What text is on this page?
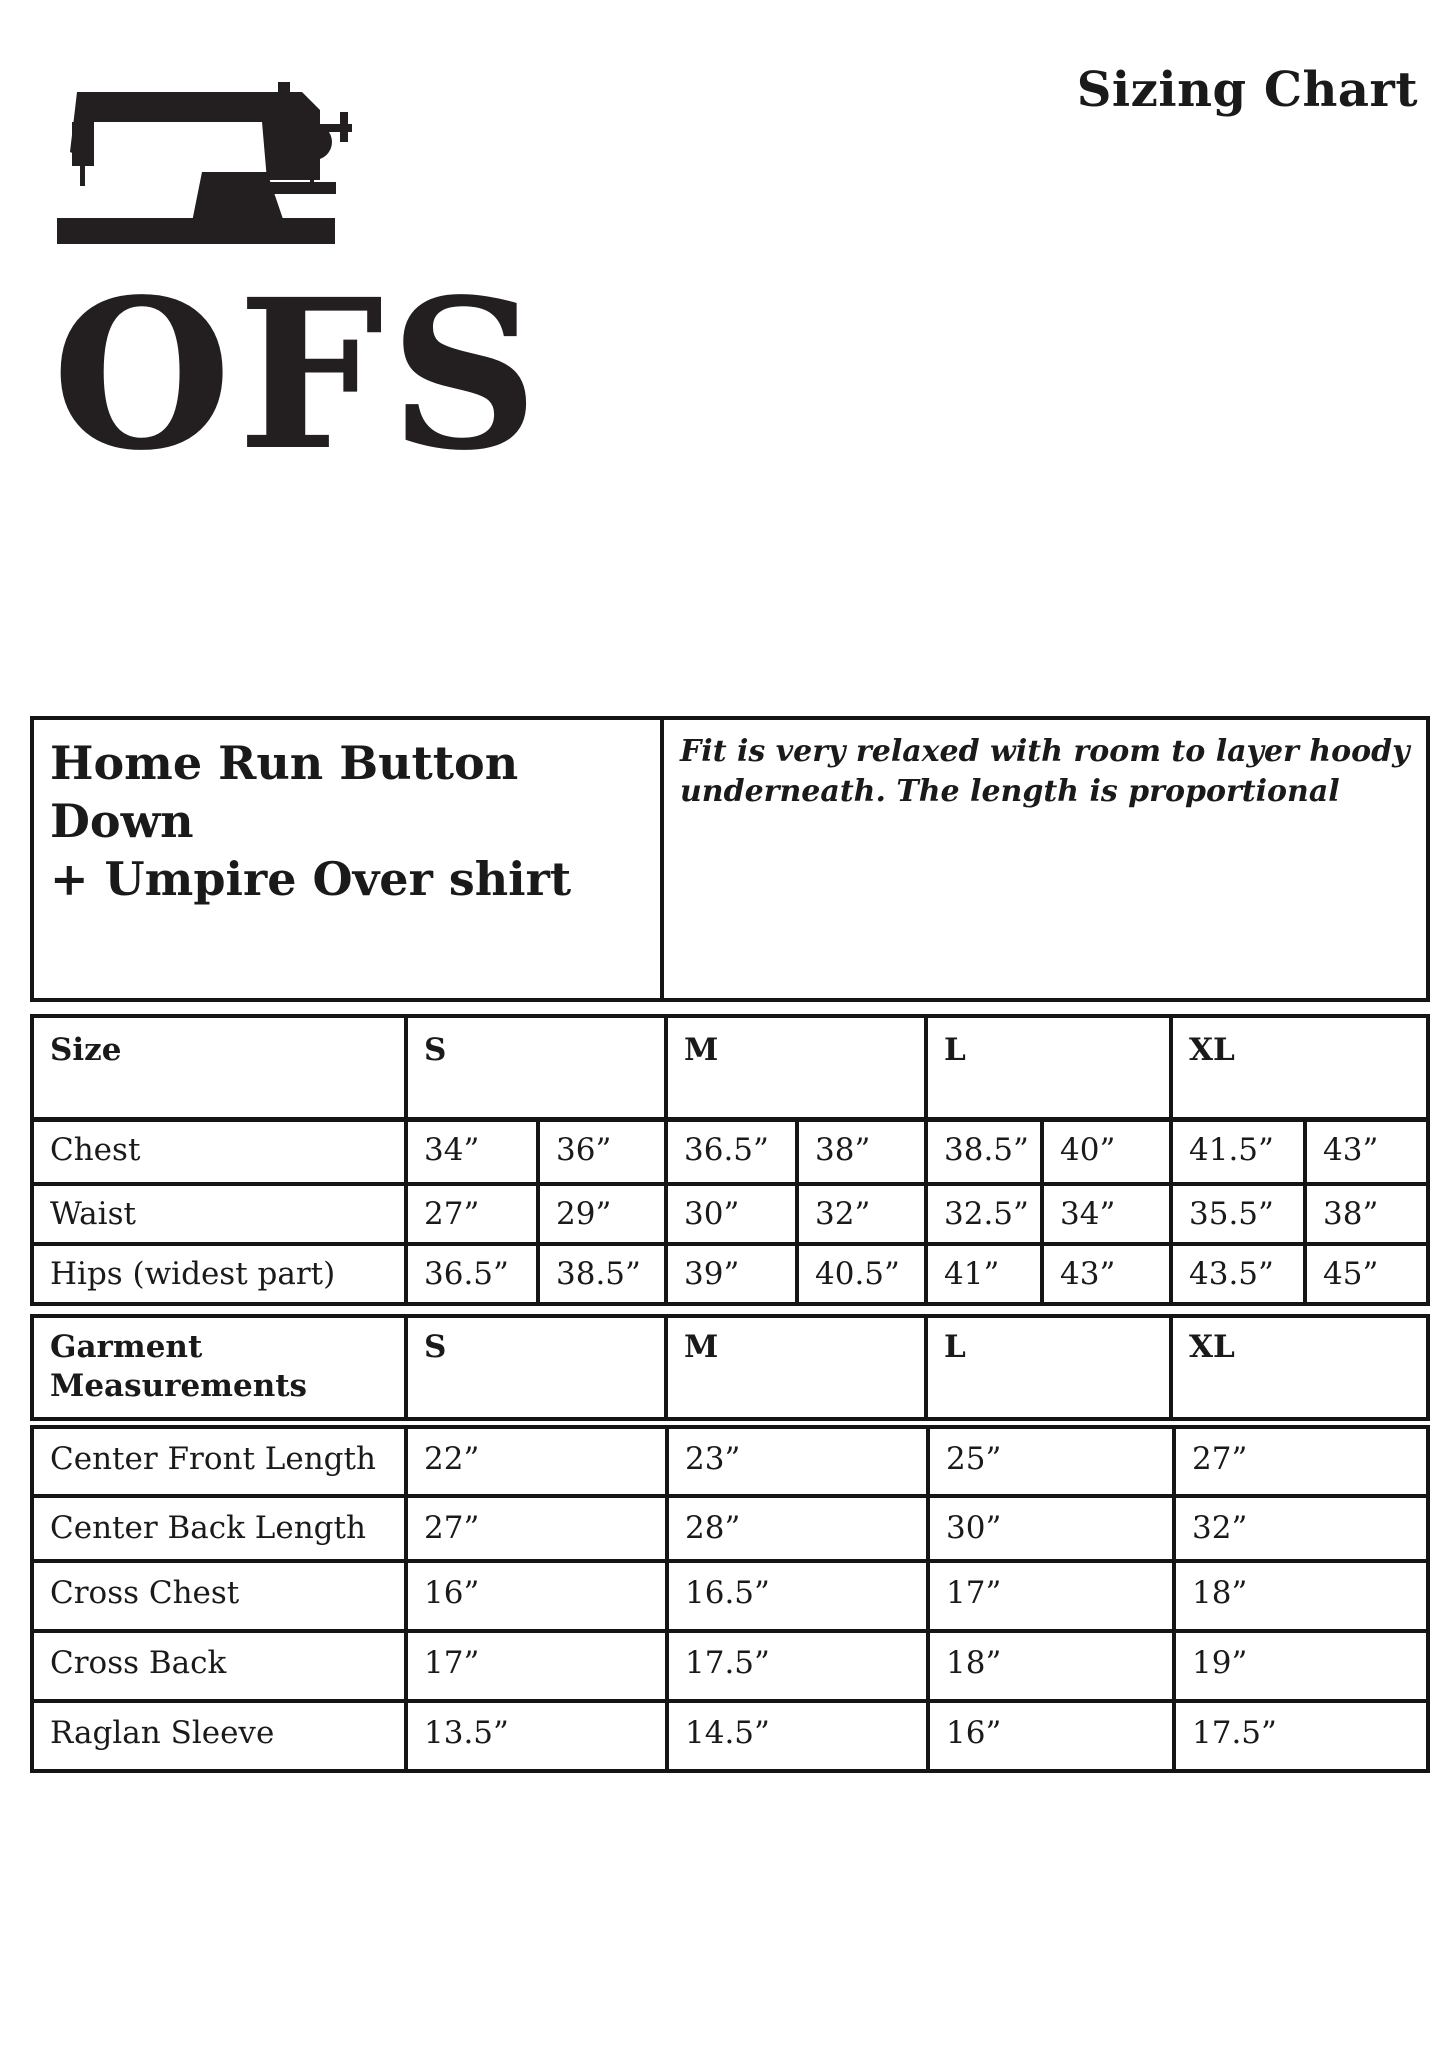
Sizing Chart
OFS
Home Run Button Down
+ Umpire Over shirt

Fit is very relaxed with room to layer hoody
underneath. The length is proportional
Size	S	M	L	XL
Chest	34”	36”	36.5”	38”	38.5”	40”	41.5”	43”
Waist	27”	29”	30”	32”	32.5”	34”	35.5”	38”
Hips (widest part)	36.5”	38.5”	39”	40.5”	41”	43”	43.5”	45”
Garment
Measurements	S	M	L	XL
Center Front Length	22”	23”	25”	27”
Center Back Length	27”	28”	30”	32”
Cross Chest	16”	16.5”	17”	18”
Cross Back	17”	17.5”	18”	19”
Raglan Sleeve	13.5”	14.5”	16”	17.5”
